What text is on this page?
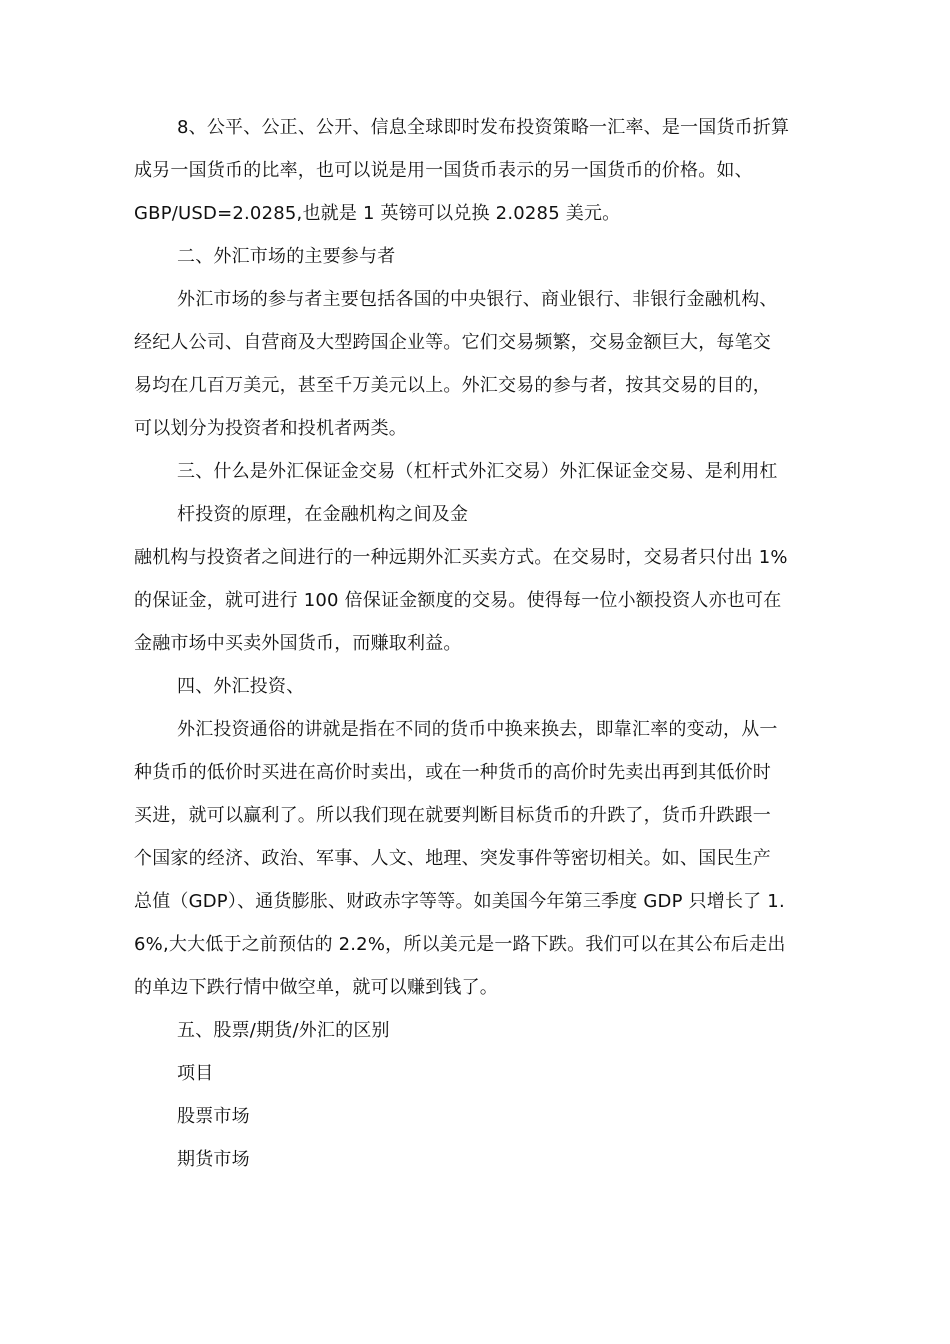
8、公平、公正、公开、信息全球即时发布投资策略一汇率、是一国货币折算
成另一国货币的比率，也可以说是用一国货币表示的另一国货币的价格。如、
GBP/USD=2.0285,也就是 1 英镑可以兑换 2.0285 美元。
二、外汇市场的主要参与者
外汇市场的参与者主要包括各国的中央银行、商业银行、非银行金融机构、
经纪人公司、自营商及大型跨国企业等。它们交易频繁，交易金额巨大，每笔交
易均在几百万美元，甚至千万美元以上。外汇交易的参与者，按其交易的目的，
可以划分为投资者和投机者两类。
三、什么是外汇保证金交易（杠杆式外汇交易）外汇保证金交易、是利用杠
杆投资的原理，在金融机构之间及金
融机构与投资者之间进行的一种远期外汇买卖方式。在交易时，交易者只付出 1%
的保证金，就可进行 100 倍保证金额度的交易。使得每一位小额投资人亦也可在
金融市场中买卖外国货币，而赚取利益。
四、外汇投资、
外汇投资通俗的讲就是指在不同的货币中换来换去，即靠汇率的变动，从一
种货币的低价时买进在高价时卖出，或在一种货币的高价时先卖出再到其低价时
买进，就可以赢利了。所以我们现在就要判断目标货币的升跌了，货币升跌跟一
个国家的经济、政治、军事、人文、地理、突发事件等密切相关。如、国民生产
总值（GDP）、通货膨胀、财政赤字等等。如美国今年第三季度 GDP 只增长了 1.
6%,大大低于之前预估的 2.2%，所以美元是一路下跌。我们可以在其公布后走出
的单边下跌行情中做空单，就可以赚到钱了。
五、股票/期货/外汇的区别
项目
股票市场
期货市场
